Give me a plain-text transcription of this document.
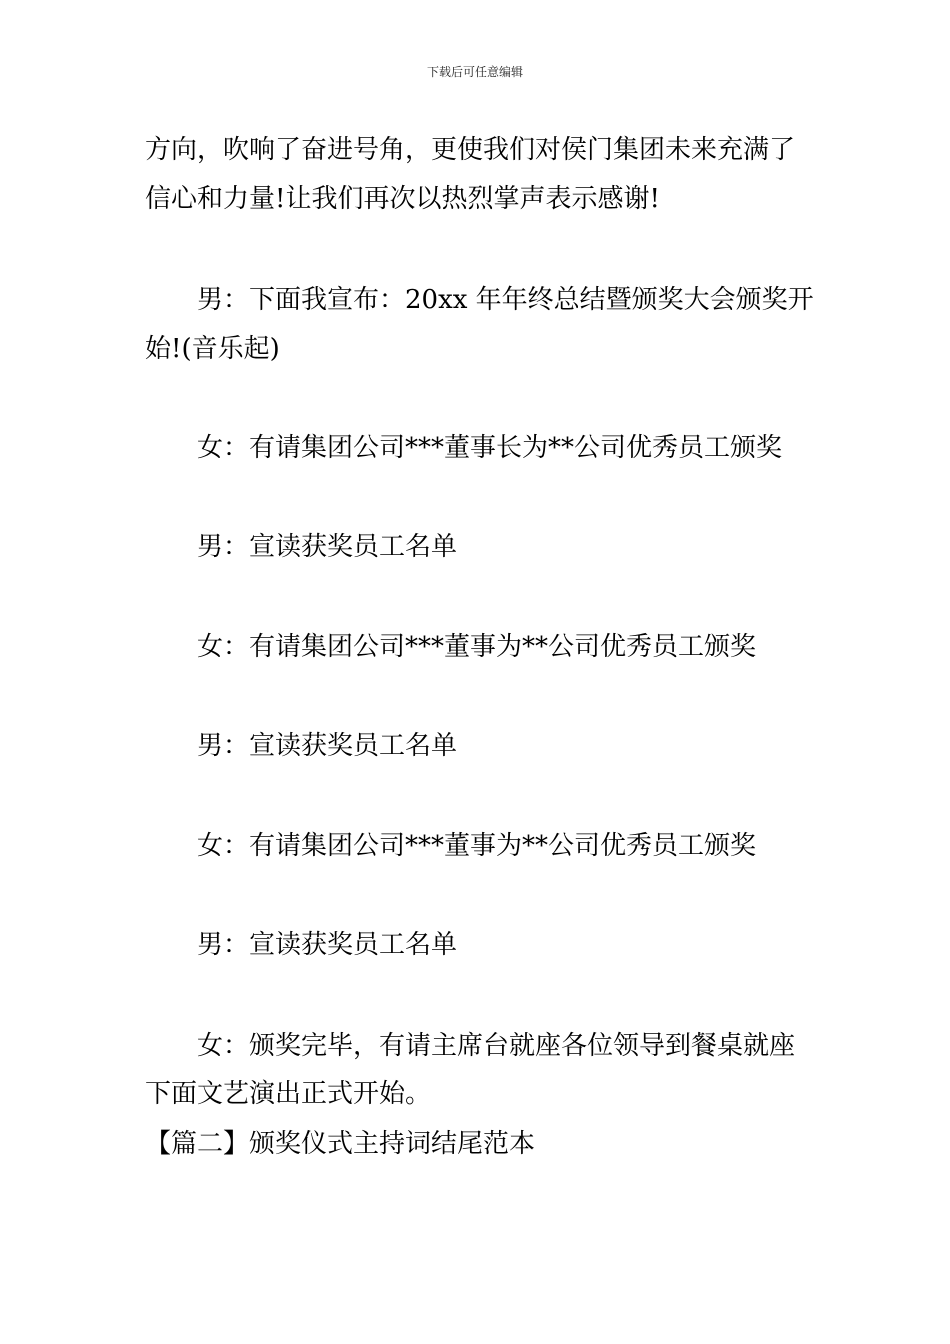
下载后可任意编辑
方向，吹响了奋进号角，更使我们对侯门集团未来充满了
信心和力量!让我们再次以热烈掌声表示感谢!
男：下面我宣布：20xx 年年终总结暨颁奖大会颁奖开
始!(音乐起)
女：有请集团公司***董事长为**公司优秀员工颁奖
男：宣读获奖员工名单
女：有请集团公司***董事为**公司优秀员工颁奖
男：宣读获奖员工名单
女：有请集团公司***董事为**公司优秀员工颁奖
男：宣读获奖员工名单
女：颁奖完毕，有请主席台就座各位领导到餐桌就座
下面文艺演出正式开始。
【篇二】颁奖仪式主持词结尾范本
